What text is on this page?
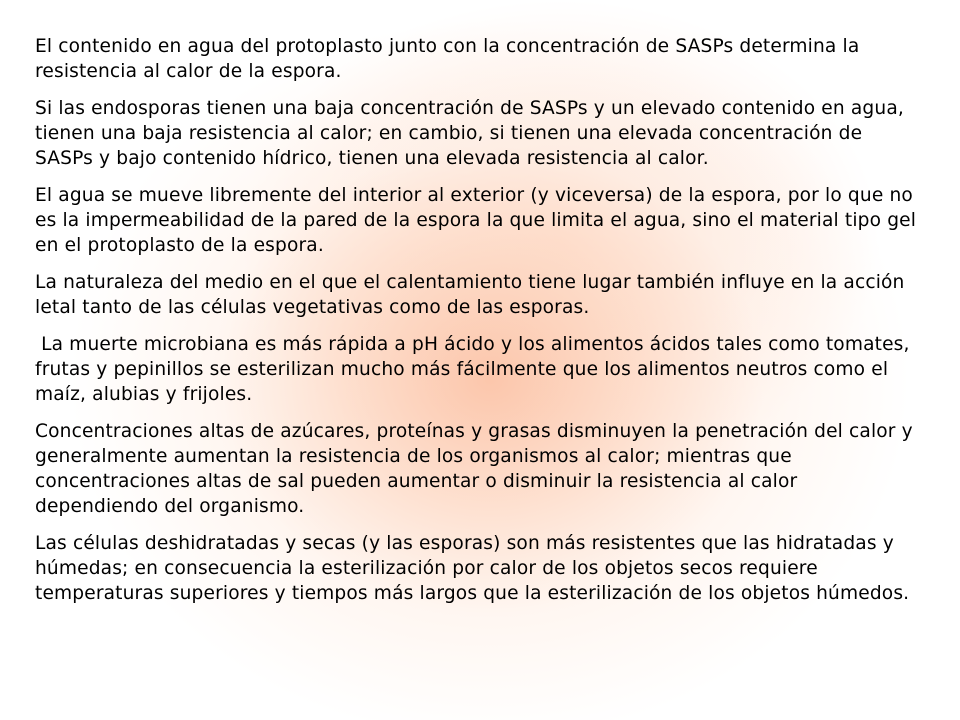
El contenido en agua del protoplasto junto con la concentración de SASPs determina la resistencia al calor de la espora.

Si las endosporas tienen una baja concentración de SASPs y un elevado contenido en agua, tienen una baja resistencia al calor; en cambio, si tienen una elevada concentración de SASPs y bajo contenido hídrico, tienen una elevada resistencia al calor.

El agua se mueve libremente del interior al exterior (y viceversa) de la espora, por lo que no es la impermeabilidad de la pared de la espora la que limita el agua, sino el material tipo gel en el protoplasto de la espora.

La naturaleza del medio en el que el calentamiento tiene lugar también influye en la acción letal tanto de las células vegetativas como de las esporas.

La muerte microbiana es más rápida a pH ácido y los alimentos ácidos tales como tomates, frutas y pepinillos se esterilizan mucho más fácilmente que los alimentos neutros como el maíz, alubias y frijoles.

Concentraciones altas de azúcares, proteínas y grasas disminuyen la penetración del calor y generalmente aumentan la resistencia de los organismos al calor; mientras que concentraciones altas de sal pueden aumentar o disminuir la resistencia al calor dependiendo del organismo.

Las células deshidratadas y secas (y las esporas) son más resistentes que las hidratadas y húmedas; en consecuencia la esterilización por calor de los objetos secos requiere temperaturas superiores y tiempos más largos que la esterilización de los objetos húmedos.
